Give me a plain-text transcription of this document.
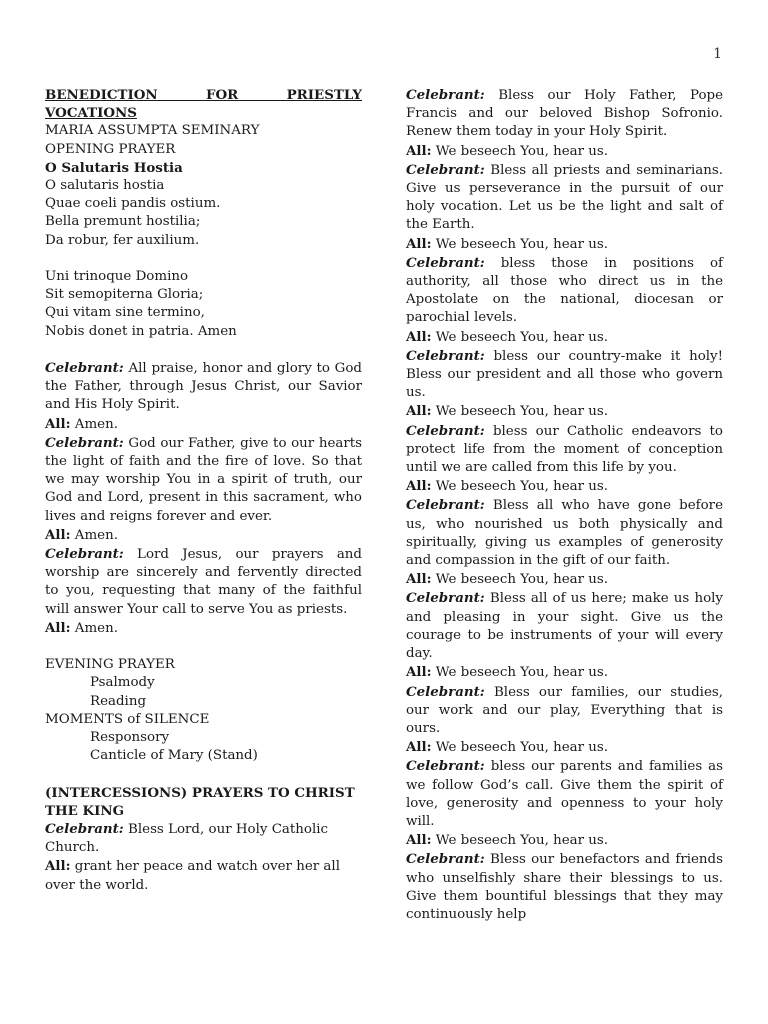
1

BENEDICTION FOR PRIESTLY

VOCATIONS

MARIA ASSUMPTA SEMINARY

OPENING PRAYER

O Salutaris Hostia

O salutaris hostia
Quae coeli pandis ostium.
Bella premunt hostilia;
Da robur, fer auxilium.
Uni trinoque Domino
Sit semopiterna Gloria;
Qui vitam sine termino,
Nobis donet in patria. Amen

Celebrant: All praise, honor and glory to God the Father, through Jesus Christ, our Savior and His Holy Spirit.

All: Amen.

Celebrant: God our Father, give to our hearts the light of faith and the fire of love. So that we may worship You in a spirit of truth, our God and Lord, present in this sacrament, who lives and reigns forever and ever.

All: Amen.

Celebrant: Lord Jesus, our prayers and worship are sincerely and fervently directed to you, requesting that many of the faithful will answer Your call to serve You as priests.

All: Amen.

EVENING PRAYER

Psalmody

Reading

MOMENTS of SILENCE

Responsory

Canticle of Mary (Stand)

(INTERCESSIONS) PRAYERS TO CHRIST

THE KING

Celebrant: Bless Lord, our Holy Catholic Church.

All: grant her peace and watch over her all over the world.

Celebrant: Bless our Holy Father, Pope Francis and our beloved Bishop Sofronio. Renew them today in your Holy Spirit.

All: We beseech You, hear us.

Celebrant: Bless all priests and seminarians. Give us perseverance in the pursuit of our holy vocation. Let us be the light and salt of the Earth.

All: We beseech You, hear us.

Celebrant: bless those in positions of authority, all those who direct us in the Apostolate on the national, diocesan or parochial levels.

All: We beseech You, hear us.

Celebrant: bless our country-make it holy! Bless our president and all those who govern us.

All: We beseech You, hear us.

Celebrant: bless our Catholic endeavors to protect life from the moment of conception until we are called from this life by you.

All: We beseech You, hear us.

Celebrant: Bless all who have gone before us, who nourished us both physically and spiritually, giving us examples of generosity and compassion in the gift of our faith.

All: We beseech You, hear us.

Celebrant: Bless all of us here; make us holy and pleasing in your sight. Give us the courage to be instruments of your will every day.

All: We beseech You, hear us.

Celebrant: Bless our families, our studies, our work and our play, Everything that is ours.

All: We beseech You, hear us.

Celebrant: bless our parents and families as we follow God’s call. Give them the spirit of love, generosity and openness to your holy will.

All: We beseech You, hear us.

Celebrant: Bless our benefactors and friends who unselfishly share their blessings to us. Give them bountiful blessings that they may continuously help
